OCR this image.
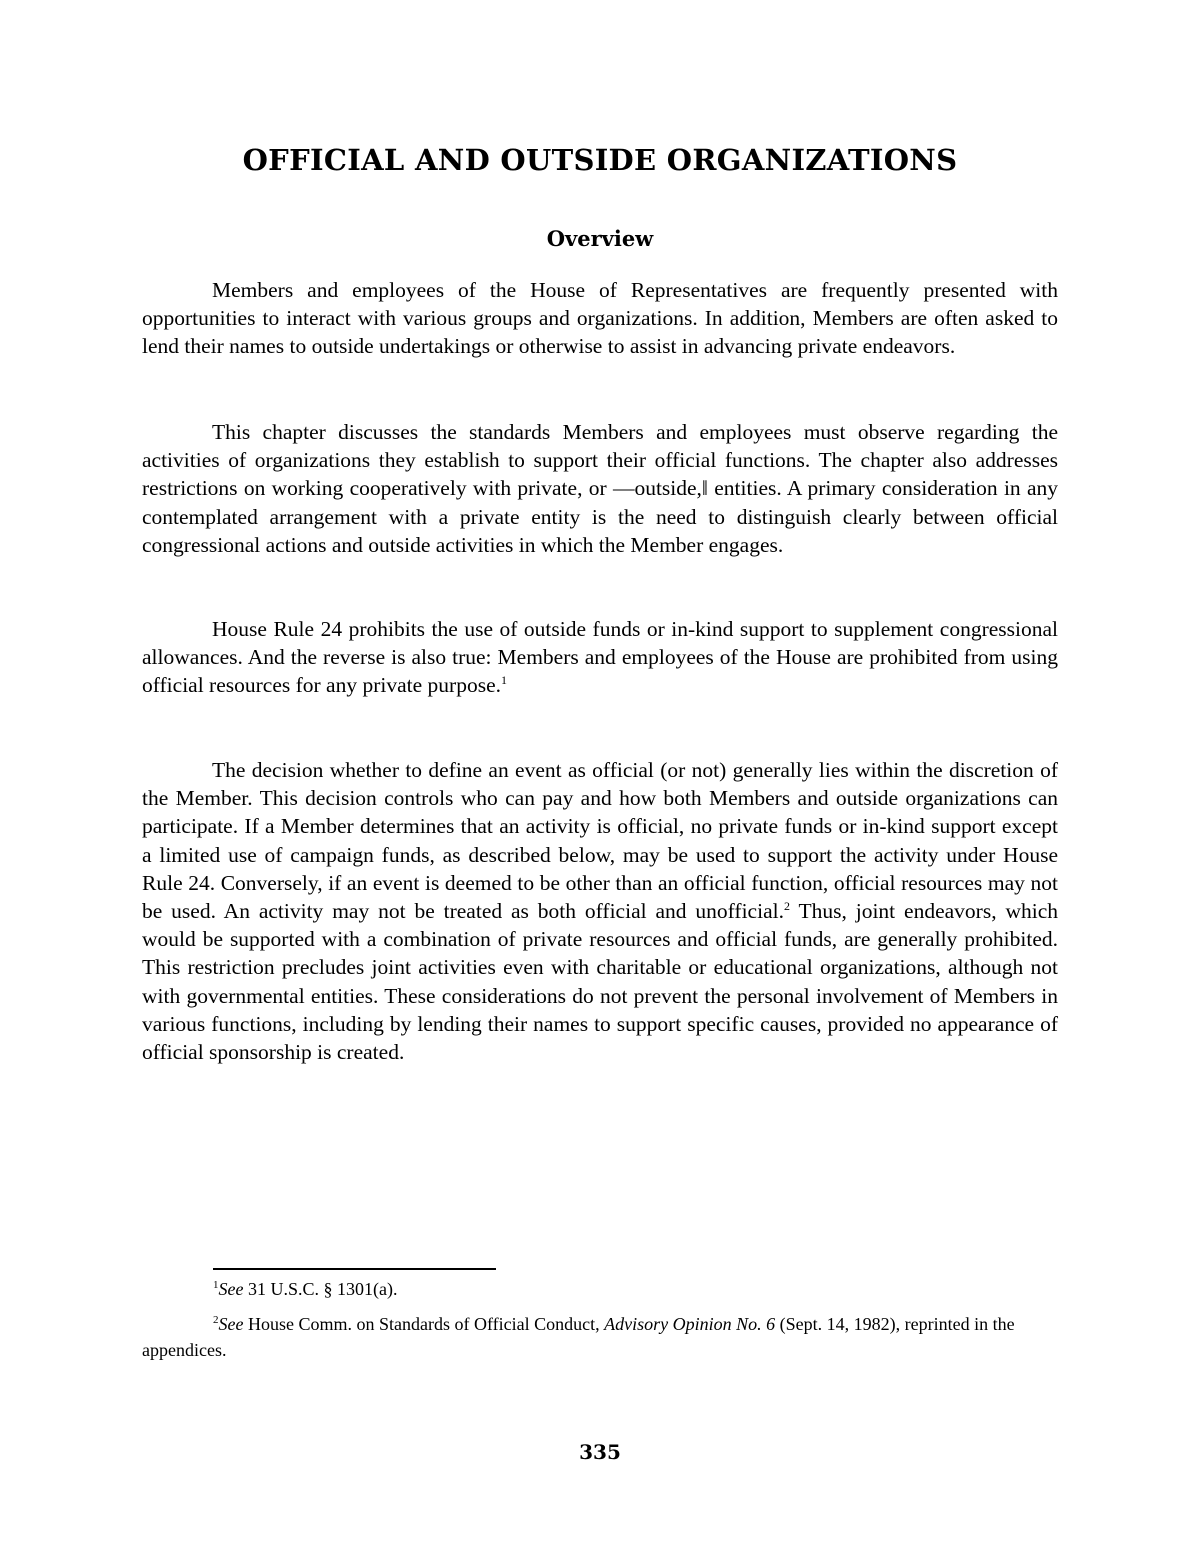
OFFICIAL AND OUTSIDE ORGANIZATIONS
Overview

Members and employees of the House of Representatives are frequently presented with opportunities to interact with various groups and organizations. In addition, Members are often asked to lend their names to outside undertakings or otherwise to assist in advancing private endeavors.

This chapter discusses the standards Members and employees must observe regarding the activities of organizations they establish to support their official functions. The chapter also addresses restrictions on working cooperatively with private, or —outside,‖ entities. A primary consideration in any contemplated arrangement with a private entity is the need to distinguish clearly between official congressional actions and outside activities in which the Member engages.

House Rule 24 prohibits the use of outside funds or in-kind support to supplement congressional allowances. And the reverse is also true: Members and employees of the House are prohibited from using official resources for any private purpose.$^1$

The decision whether to define an event as official (or not) generally lies within the discretion of the Member. This decision controls who can pay and how both Members and outside organizations can participate. If a Member determines that an activity is official, no private funds or in-kind support except a limited use of campaign funds, as described below, may be used to support the activity under House Rule 24. Conversely, if an event is deemed to be other than an official function, official resources may not be used. An activity may not be treated as both official and unofficial.$^2$ Thus, joint endeavors, which would be supported with a combination of private resources and official funds, are generally prohibited. This restriction precludes joint activities even with charitable or educational organizations, although not with governmental entities. These considerations do not prevent the personal involvement of Members in various functions, including by lending their names to support specific causes, provided no appearance of official sponsorship is created.

$^1$See 31 U.S.C. § 1301(a).

$^2$See House Comm. on Standards of Official Conduct, Advisory Opinion No. 6 (Sept. 14, 1982), reprinted in the appendices.

335
